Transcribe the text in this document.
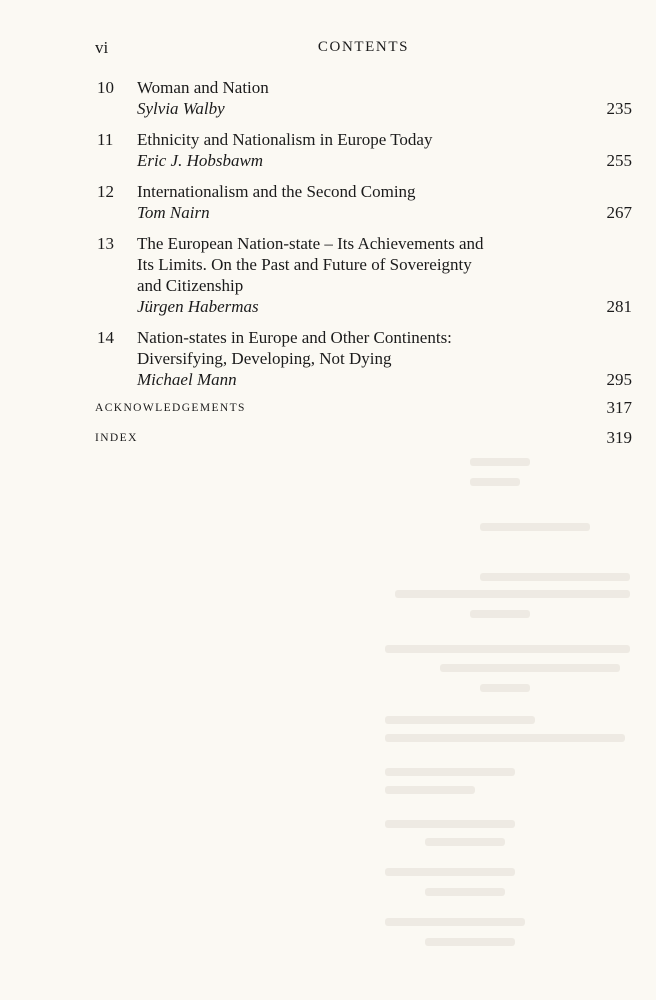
vi	CONTENTS
10 Woman and Nation
Sylvia Walby	235
11 Ethnicity and Nationalism in Europe Today
Eric J. Hobsbawm	255
12 Internationalism and the Second Coming
Tom Nairn	267
13 The European Nation-state – Its Achievements and
Its Limits. On the Past and Future of Sovereignty
and Citizenship
Jürgen Habermas	281
14 Nation-states in Europe and Other Continents:
Diversifying, Developing, Not Dying
Michael Mann	295
ACKNOWLEDGEMENTS	317
INDEX	319
